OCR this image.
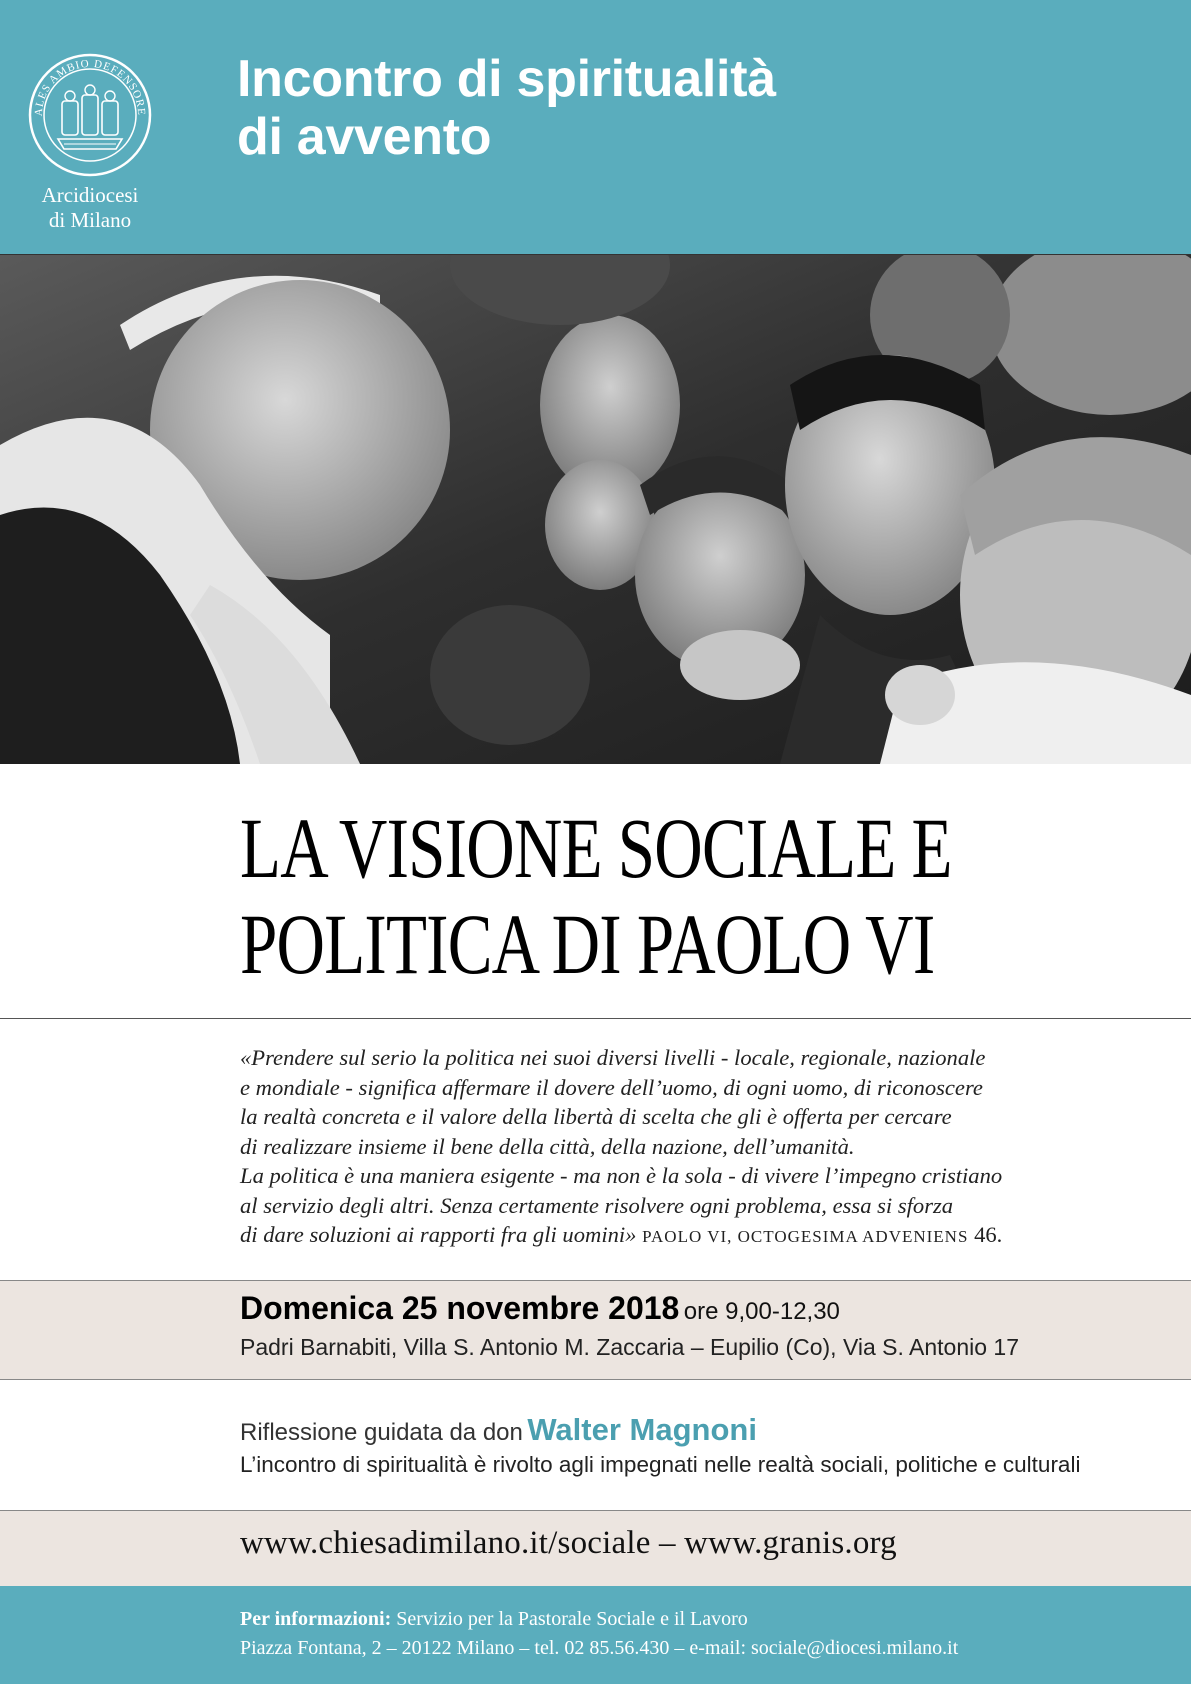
ALES AMBIO DEFENSORE
Arcidiocesi
di Milano
Incontro di spiritualità
di avvento
LA VISIONE SOCIALE E
POLITICA DI PAOLO VI
«Prendere sul serio la politica nei suoi diversi livelli - locale, regionale, nazionale
e mondiale - significa affermare il dovere dell’uomo, di ogni uomo, di riconoscere
la realtà concreta e il valore della libertà di scelta che gli è offerta per cercare
di realizzare insieme il bene della città, della nazione, dell’umanità.
La politica è una maniera esigente - ma non è la sola - di vivere l’impegno cristiano
al servizio degli altri. Senza certamente risolvere ogni problema, essa si sforza
di dare soluzioni ai rapporti fra gli uomini» PAOLO VI, OCTOGESIMA ADVENIENS 46.
Domenica 25 novembre 2018 ore 9,00-12,30
Padri Barnabiti, Villa S. Antonio M. Zaccaria – Eupilio (Co), Via S. Antonio 17
Riflessione guidata da don Walter Magnoni
L’incontro di spiritualità è rivolto agli impegnati nelle realtà sociali, politiche e culturali
www.chiesadimilano.it/sociale – www.granis.org
Per informazioni: Servizio per la Pastorale Sociale e il Lavoro
Piazza Fontana, 2 – 20122 Milano – tel. 02 85.56.430 – e-mail: sociale@diocesi.milano.it
